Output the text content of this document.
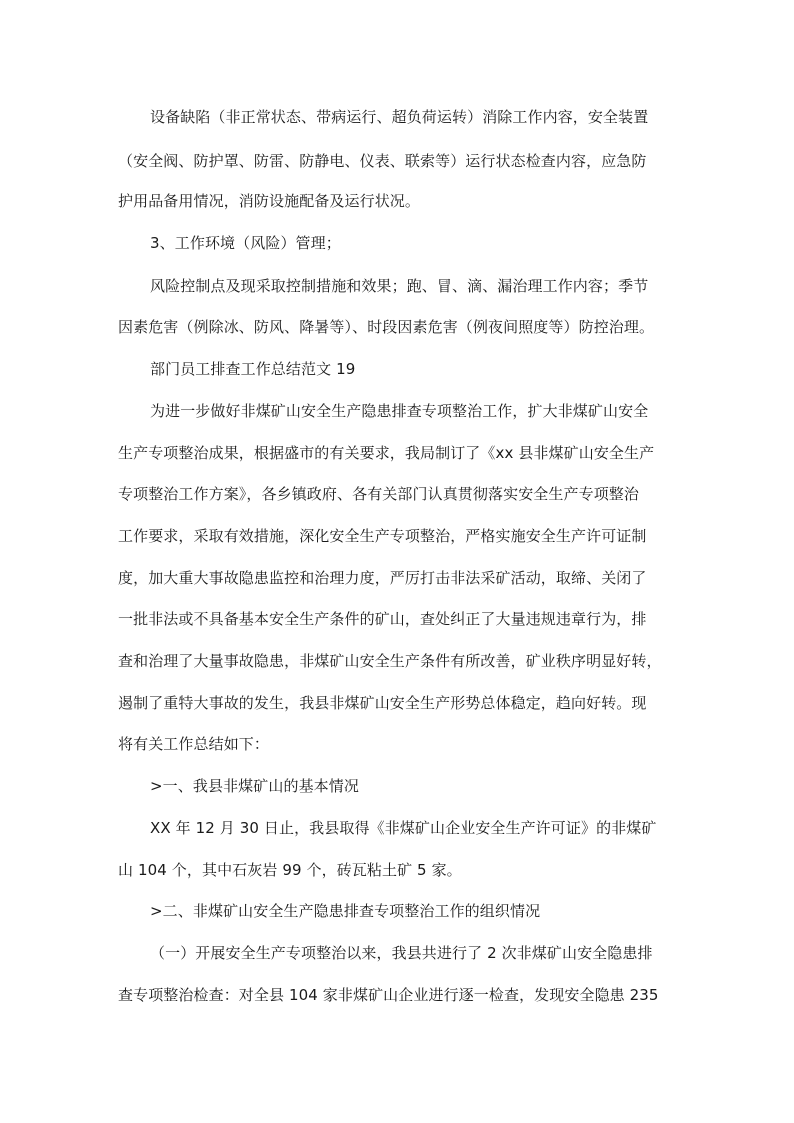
设备缺陷（非正常状态、带病运行、超负荷运转）消除工作内容，安全装置
（安全阀、防护罩、防雷、防静电、仪表、联索等）运行状态检查内容，应急防
护用品备用情况，消防设施配备及运行状况。
3、工作环境（风险）管理；
风险控制点及现采取控制措施和效果；跑、冒、滴、漏治理工作内容；季节
因素危害（例除冰、防风、降暑等）、时段因素危害（例夜间照度等）防控治理。
部门员工排查工作总结范文 19
为进一步做好非煤矿山安全生产隐患排查专项整治工作，扩大非煤矿山安全
生产专项整治成果，根据盛市的有关要求，我局制订了《xx 县非煤矿山安全生产
专项整治工作方案》，各乡镇政府、各有关部门认真贯彻落实安全生产专项整治
工作要求，采取有效措施，深化安全生产专项整治，严格实施安全生产许可证制
度，加大重大事故隐患监控和治理力度，严厉打击非法采矿活动，取缔、关闭了
一批非法或不具备基本安全生产条件的矿山，查处纠正了大量违规违章行为，排
查和治理了大量事故隐患，非煤矿山安全生产条件有所改善，矿业秩序明显好转，
遏制了重特大事故的发生，我县非煤矿山安全生产形势总体稳定，趋向好转。现
将有关工作总结如下：
>一、我县非煤矿山的基本情况
XX 年 12 月 30 日止，我县取得《非煤矿山企业安全生产许可证》的非煤矿
山 104 个，其中石灰岩 99 个，砖瓦粘土矿 5 家。
>二、非煤矿山安全生产隐患排查专项整治工作的组织情况
（一）开展安全生产专项整治以来，我县共进行了 2 次非煤矿山安全隐患排
查专项整治检查：对全县 104 家非煤矿山企业进行逐一检查，发现安全隐患 235
